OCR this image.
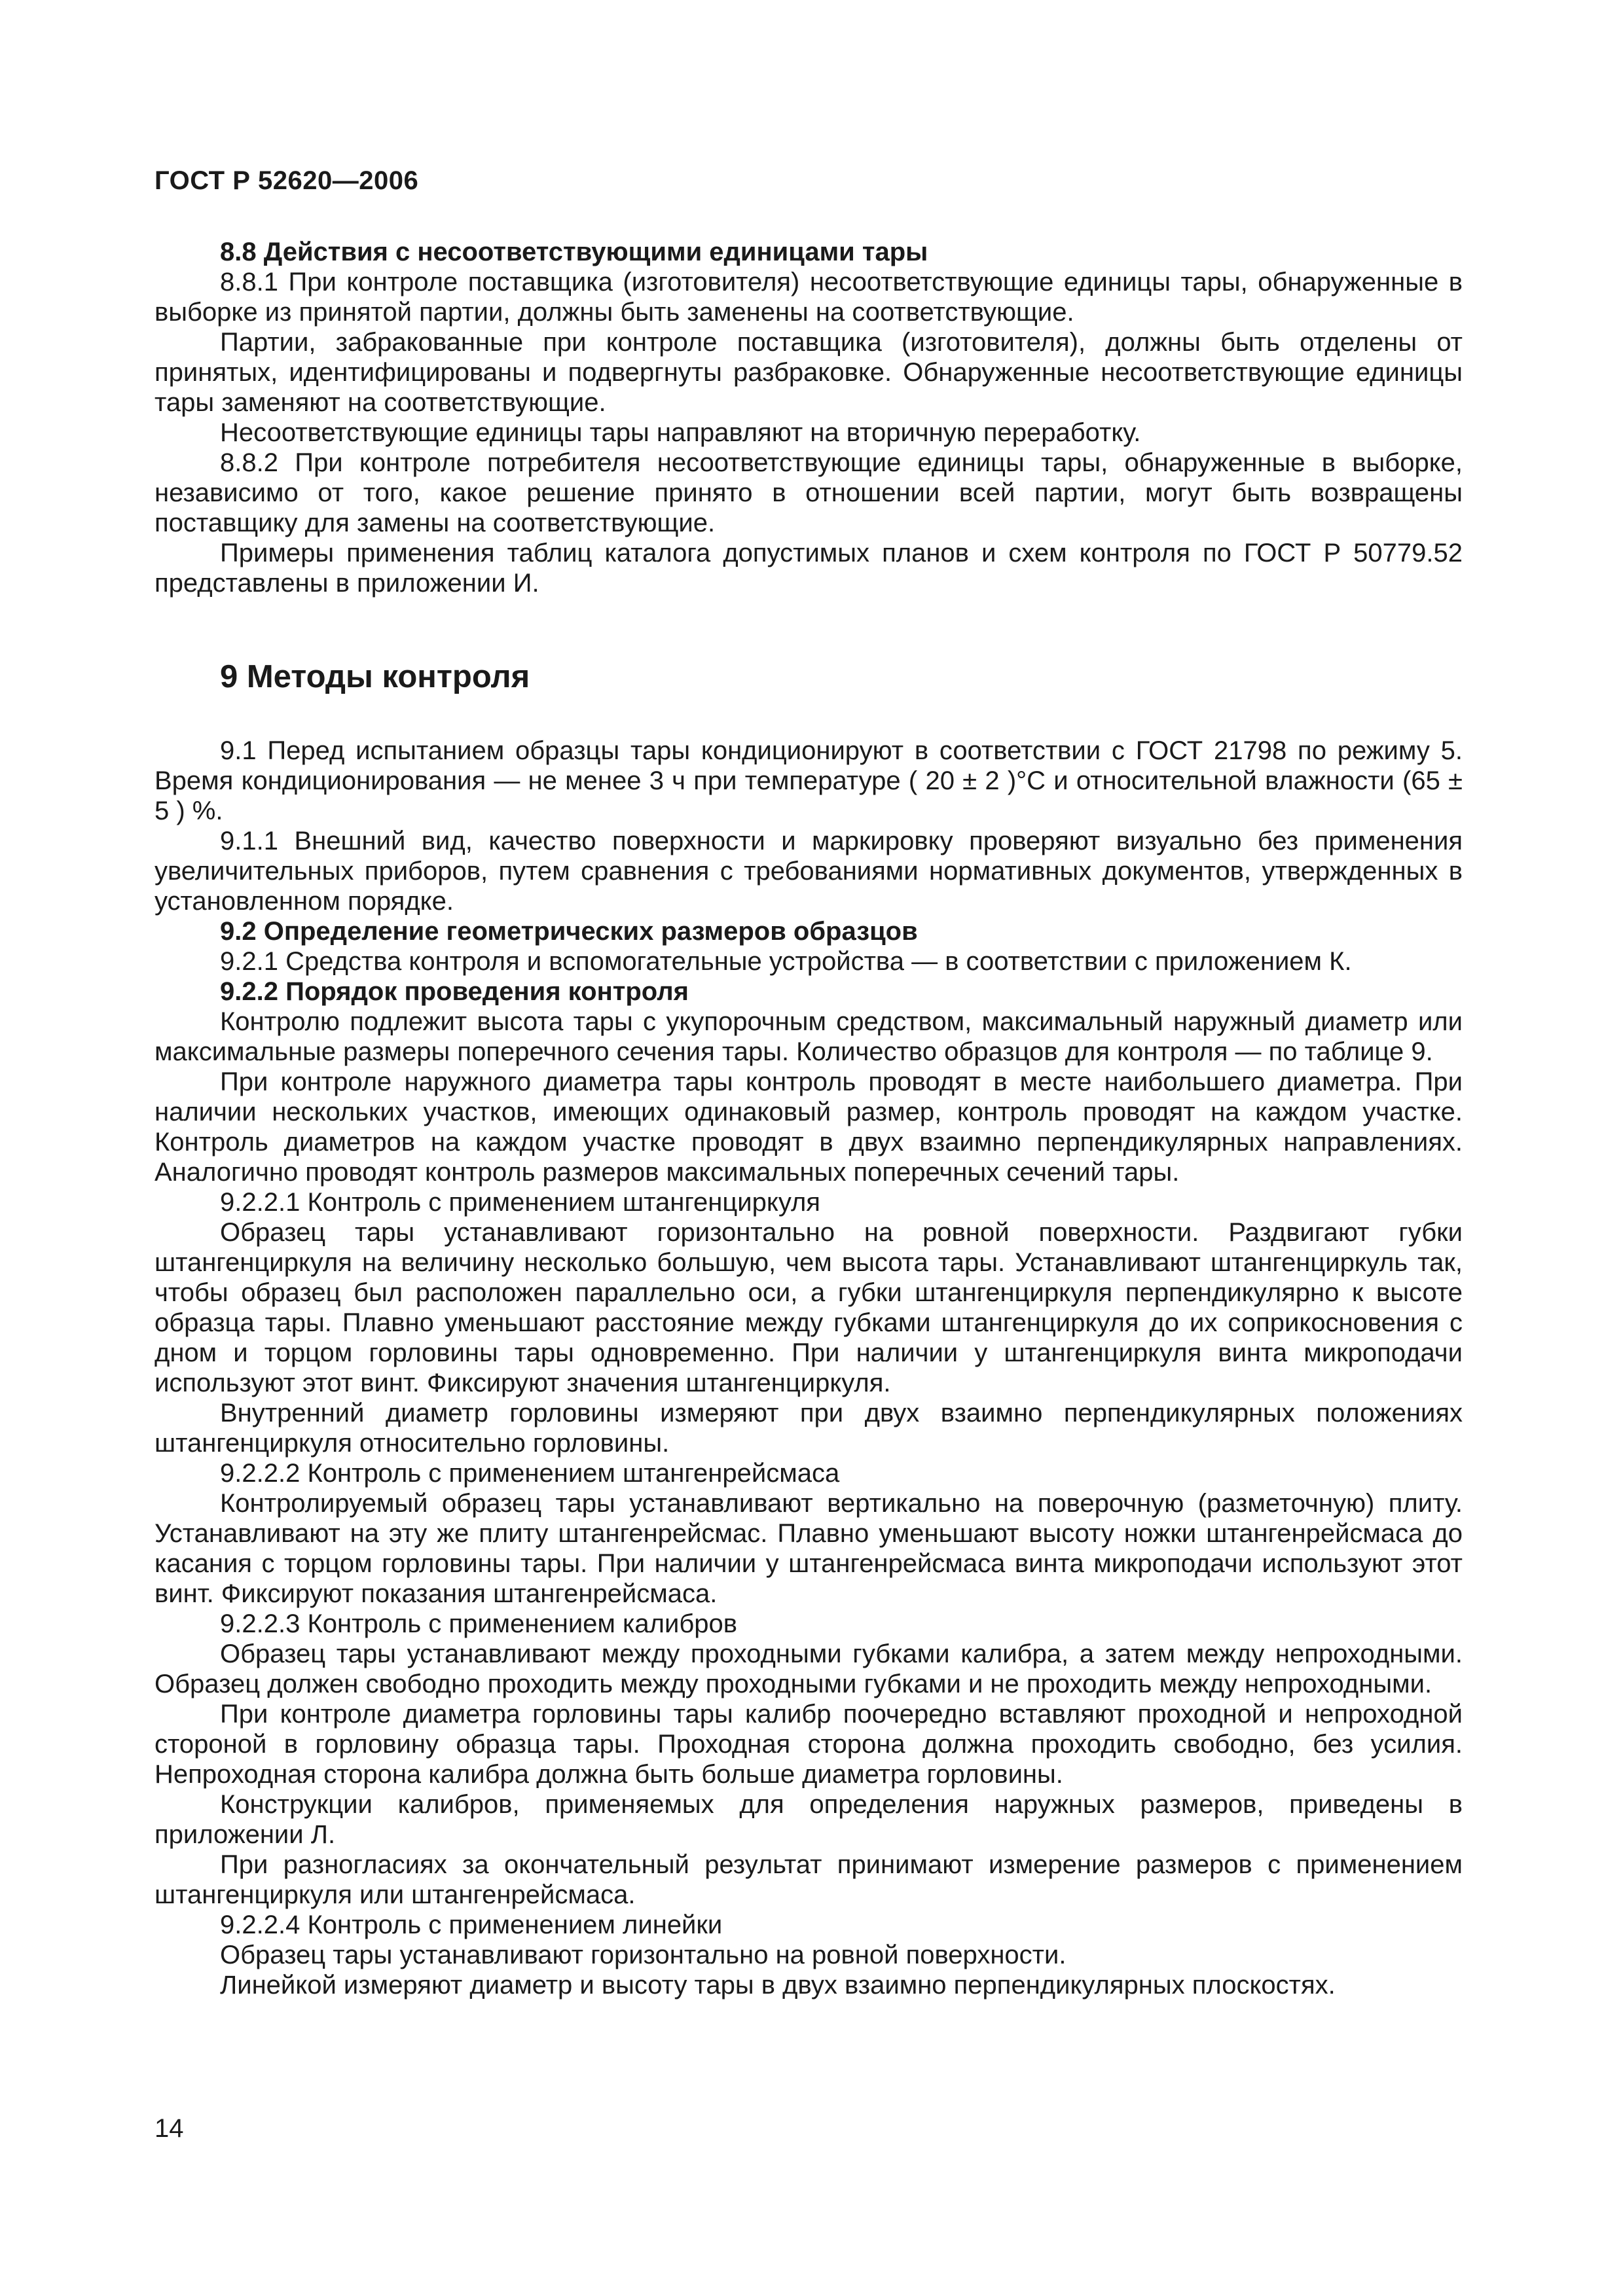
ГОСТ Р 52620—2006

8.8 Действия с несоответствующими единицами тары

8.8.1 При контроле поставщика (изготовителя) несоответствующие единицы тары, обнаруженные в выборке из принятой партии, должны быть заменены на соответствующие.

Партии, забракованные при контроле поставщика (изготовителя), должны быть отделены от принятых, идентифицированы и подвергнуты разбраковке. Обнаруженные несоответствующие единицы тары заменяют на соответствующие.

Несоответствующие единицы тары направляют на вторичную переработку.

8.8.2 При контроле потребителя несоответствующие единицы тары, обнаруженные в выборке, независимо от того, какое решение принято в отношении всей партии, могут быть возвращены поставщику для замены на соответствующие.

Примеры применения таблиц каталога допустимых планов и схем контроля по ГОСТ Р 50779.52 представлены в приложении И.

9 Методы контроля

9.1 Перед испытанием образцы тары кондиционируют в соответствии с ГОСТ 21798 по режиму 5. Время кондиционирования — не менее 3 ч при температуре ( 20 ± 2 )°С и относительной влажности (65 ± 5 ) %.

9.1.1 Внешний вид, качество поверхности и маркировку проверяют визуально без применения увеличительных приборов, путем сравнения с требованиями нормативных документов, утвержденных в установленном порядке.

9.2 Определение геометрических размеров образцов

9.2.1 Средства контроля и вспомогательные устройства — в соответствии с приложением К.

9.2.2 Порядок проведения контроля

Контролю подлежит высота тары с укупорочным средством, максимальный наружный диаметр или максимальные размеры поперечного сечения тары. Количество образцов для контроля — по таблице 9.

При контроле наружного диаметра тары контроль проводят в месте наибольшего диаметра. При наличии нескольких участков, имеющих одинаковый размер, контроль проводят на каждом участке. Контроль диаметров на каждом участке проводят в двух взаимно перпендикулярных направлениях. Аналогично проводят контроль размеров максимальных поперечных сечений тары.

9.2.2.1 Контроль с применением штангенциркуля

Образец тары устанавливают горизонтально на ровной поверхности. Раздвигают губки штангенциркуля на величину несколько большую, чем высота тары. Устанавливают штангенциркуль так, чтобы образец был расположен параллельно оси, а губки штангенциркуля перпендикулярно к высоте образца тары. Плавно уменьшают расстояние между губками штангенциркуля до их соприкосновения с дном и торцом горловины тары одновременно. При наличии у штангенциркуля винта микроподачи используют этот винт. Фиксируют значения штангенциркуля.

Внутренний диаметр горловины измеряют при двух взаимно перпендикулярных положениях штангенциркуля относительно горловины.

9.2.2.2 Контроль с применением штангенрейсмаса

Контролируемый образец тары устанавливают вертикально на поверочную (разметочную) плиту. Устанавливают на эту же плиту штангенрейсмас. Плавно уменьшают высоту ножки штангенрейсмаса до касания с торцом горловины тары. При наличии у штангенрейсмаса винта микроподачи используют этот винт. Фиксируют показания штангенрейсмаса.

9.2.2.3 Контроль с применением калибров

Образец тары устанавливают между проходными губками калибра, а затем между непроходными. Образец должен свободно проходить между проходными губками и не проходить между непроходными.

При контроле диаметра горловины тары калибр поочередно вставляют проходной и непроходной стороной в горловину образца тары. Проходная сторона должна проходить свободно, без усилия. Непроходная сторона калибра должна быть больше диаметра горловины.

Конструкции калибров, применяемых для определения наружных размеров, приведены в приложении Л.

При разногласиях за окончательный результат принимают измерение размеров с применением штангенциркуля или штангенрейсмаса.

9.2.2.4 Контроль с применением линейки

Образец тары устанавливают горизонтально на ровной поверхности.

Линейкой измеряют диаметр и высоту тары в двух взаимно перпендикулярных плоскостях.

14
